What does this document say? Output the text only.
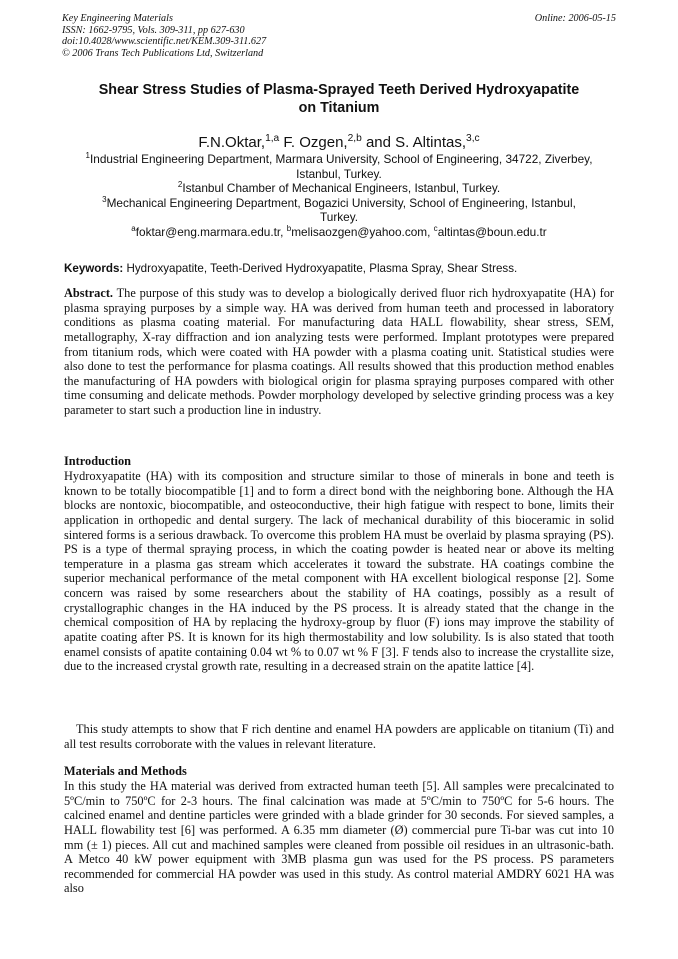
Key Engineering Materials
ISSN: 1662-9795, Vols. 309-311, pp 627-630
doi:10.4028/www.scientific.net/KEM.309-311.627
© 2006 Trans Tech Publications Ltd, Switzerland
Online: 2006-05-15
Shear Stress Studies of Plasma-Sprayed Teeth Derived Hydroxyapatite
on Titanium
F.N.Oktar,$^{1,a}$ F. Ozgen,$^{2,b}$ and S. Altintas,$^{3,c}$
$^1$Industrial Engineering Department, Marmara University, School of Engineering, 34722, Ziverbey,
Istanbul, Turkey.
$^2$Istanbul Chamber of Mechanical Engineers, Istanbul, Turkey.
$^3$Mechanical Engineering Department, Bogazici University, School of Engineering, Istanbul,
Turkey.
$^a$foktar@eng.marmara.edu.tr, $^b$melisaozgen@yahoo.com, $^c$altintas@boun.edu.tr
Keywords: Hydroxyapatite, Teeth-Derived Hydroxyapatite, Plasma Spray, Shear Stress.

Abstract. The purpose of this study was to develop a biologically derived fluor rich hydroxyapatite (HA) for plasma spraying purposes by a simple way. HA was derived from human teeth and processed in laboratory conditions as plasma coating material. For manufacturing data HALL flowability, shear stress, SEM, metallography, X-ray diffraction and ion analyzing tests were performed. Implant prototypes were prepared from titanium rods, which were coated with HA powder with a plasma coating unit. Statistical studies were also done to test the performance for plasma coatings. All results showed that this production method enables the manufacturing of HA powders with biological origin for plasma spraying purposes compared with other time consuming and delicate methods. Powder morphology developed by selective grinding process was a key parameter to start such a production line in industry.

Introduction

Hydroxyapatite (HA) with its composition and structure similar to those of minerals in bone and teeth is known to be totally biocompatible [1] and to form a direct bond with the neighboring bone. Although the HA blocks are nontoxic, biocompatible, and osteoconductive, their high fatigue with respect to bone, limits their application in orthopedic and dental surgery. The lack of mechanical durability of this bioceramic in solid sintered forms is a serious drawback. To overcome this problem HA must be overlaid by plasma spraying (PS). PS is a type of thermal spraying process, in which the coating powder is heated near or above its melting temperature in a plasma gas stream which accelerates it toward the substrate. HA coatings combine the superior mechanical performance of the metal component with HA excellent biological response [2]. Some concern was raised by some researchers about the stability of HA coatings, possibly as a result of crystallographic changes in the HA induced by the PS process. It is already stated that the change in the chemical composition of HA by replacing the hydroxy-group by fluor (F) ions may improve the stability of apatite coating after PS. It is known for its high thermostability and low solubility. Is is also stated that tooth enamel consists of apatite containing 0.04 wt % to 0.07 wt % F [3]. F tends also to increase the crystallite size, due to the increased crystal growth rate, resulting in a decreased strain on the apatite lattice [4].

This study attempts to show that F rich dentine and enamel HA powders are applicable on titanium (Ti) and all test results corroborate with the values in relevant literature.

Materials and Methods

In this study the HA material was derived from extracted human teeth [5]. All samples were precalcinated to 5ºC/min to 750ºC for 2-3 hours. The final calcination was made at 5ºC/min to 750ºC for 5-6 hours. The calcined enamel and dentine particles were grinded with a blade grinder for 30 seconds. For sieved samples, a HALL flowability test [6] was performed. A 6.35 mm diameter (Ø) commercial pure Ti-bar was cut into 10 mm (± 1) pieces. All cut and machined samples were cleaned from possible oil residues in an ultrasonic-bath. A Metco 40 kW power equipment with 3MB plasma gun was used for the PS process. PS parameters recommended for commercial HA powder was used in this study. As control material AMDRY 6021 HA was also
